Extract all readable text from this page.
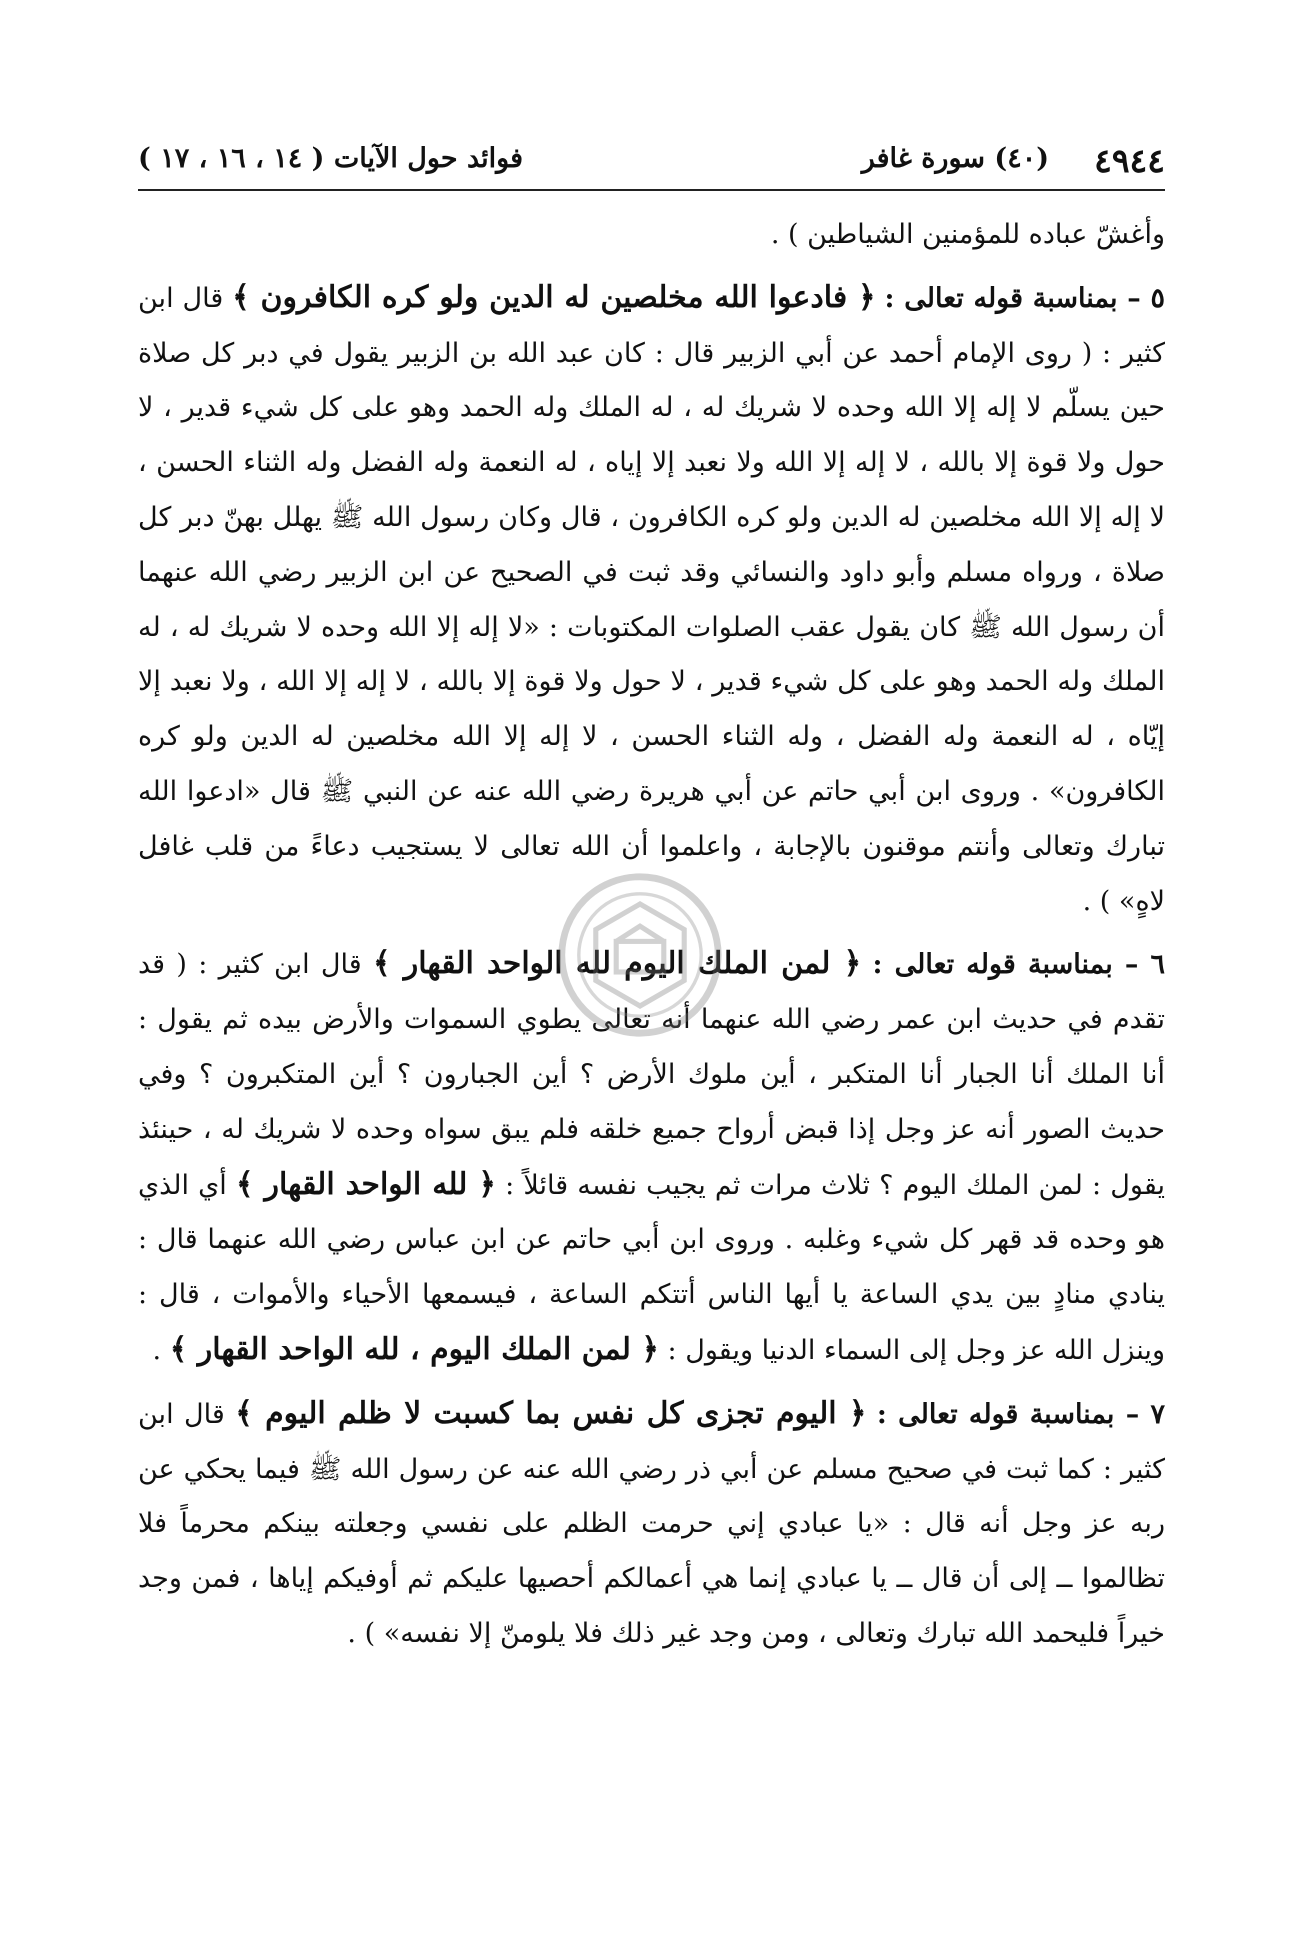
٤٩٤٤
(٤٠) سورة غافر
فوائد حول الآيات ( ١٤ ، ١٦ ، ١٧ )

وأغشّ عباده للمؤمنين الشياطين ) .

٥ – بمناسبة قوله تعالى : ﴿ فادعوا الله مخلصين له الدين ولو كره الكافرون ﴾ قال ابن كثير : ( روى الإمام أحمد عن أبي الزبير قال : كان عبد الله بن الزبير يقول في دبر كل صلاة حين يسلّم لا إله إلا الله وحده لا شريك له ، له الملك وله الحمد وهو على كل شيء قدير ، لا حول ولا قوة إلا بالله ، لا إله إلا الله ولا نعبد إلا إياه ، له النعمة وله الفضل وله الثناء الحسن ، لا إله إلا الله مخلصين له الدين ولو كره الكافرون ، قال وكان رسول الله ﷺ يهلل بهنّ دبر كل صلاة ، ورواه مسلم وأبو داود والنسائي وقد ثبت في الصحيح عن ابن الزبير رضي الله عنهما أن رسول الله ﷺ كان يقول عقب الصلوات المكتوبات : «لا إله إلا الله وحده لا شريك له ، له الملك وله الحمد وهو على كل شيء قدير ، لا حول ولا قوة إلا بالله ، لا إله إلا الله ، ولا نعبد إلا إيّاه ، له النعمة وله الفضل ، وله الثناء الحسن ، لا إله إلا الله مخلصين له الدين ولو كره الكافرون» . وروى ابن أبي حاتم عن أبي هريرة رضي الله عنه عن النبي ﷺ قال «ادعوا الله تبارك وتعالى وأنتم موقنون بالإجابة ، واعلموا أن الله تعالى لا يستجيب دعاءً من قلب غافل لاهٍ» ) .

٦ – بمناسبة قوله تعالى : ﴿ لمن الملك اليوم لله الواحد القهار ﴾ قال ابن كثير : ( قد تقدم في حديث ابن عمر رضي الله عنهما أنه تعالى يطوي السموات والأرض بيده ثم يقول : أنا الملك أنا الجبار أنا المتكبر ، أين ملوك الأرض ؟ أين الجبارون ؟ أين المتكبرون ؟ وفي حديث الصور أنه عز وجل إذا قبض أرواح جميع خلقه فلم يبق سواه وحده لا شريك له ، حينئذ يقول : لمن الملك اليوم ؟ ثلاث مرات ثم يجيب نفسه قائلاً : ﴿ لله الواحد القهار ﴾ أي الذي هو وحده قد قهر كل شيء وغلبه . وروى ابن أبي حاتم عن ابن عباس رضي الله عنهما قال : ينادي منادٍ بين يدي الساعة يا أيها الناس أتتكم الساعة ، فيسمعها الأحياء والأموات ، قال : وينزل الله عز وجل إلى السماء الدنيا ويقول : ﴿ لمن الملك اليوم ، لله الواحد القهار ﴾ .

٧ – بمناسبة قوله تعالى : ﴿ اليوم تجزى كل نفس بما كسبت لا ظلم اليوم ﴾ قال ابن كثير : كما ثبت في صحيح مسلم عن أبي ذر رضي الله عنه عن رسول الله ﷺ فيما يحكي عن ربه عز وجل أنه قال : «يا عبادي إني حرمت الظلم على نفسي وجعلته بينكم محرماً فلا تظالموا ــ إلى أن قال ــ يا عبادي إنما هي أعمالكم أحصيها عليكم ثم أوفيكم إياها ، فمن وجد خيراً فليحمد الله تبارك وتعالى ، ومن وجد غير ذلك فلا يلومنّ إلا نفسه» ) .
